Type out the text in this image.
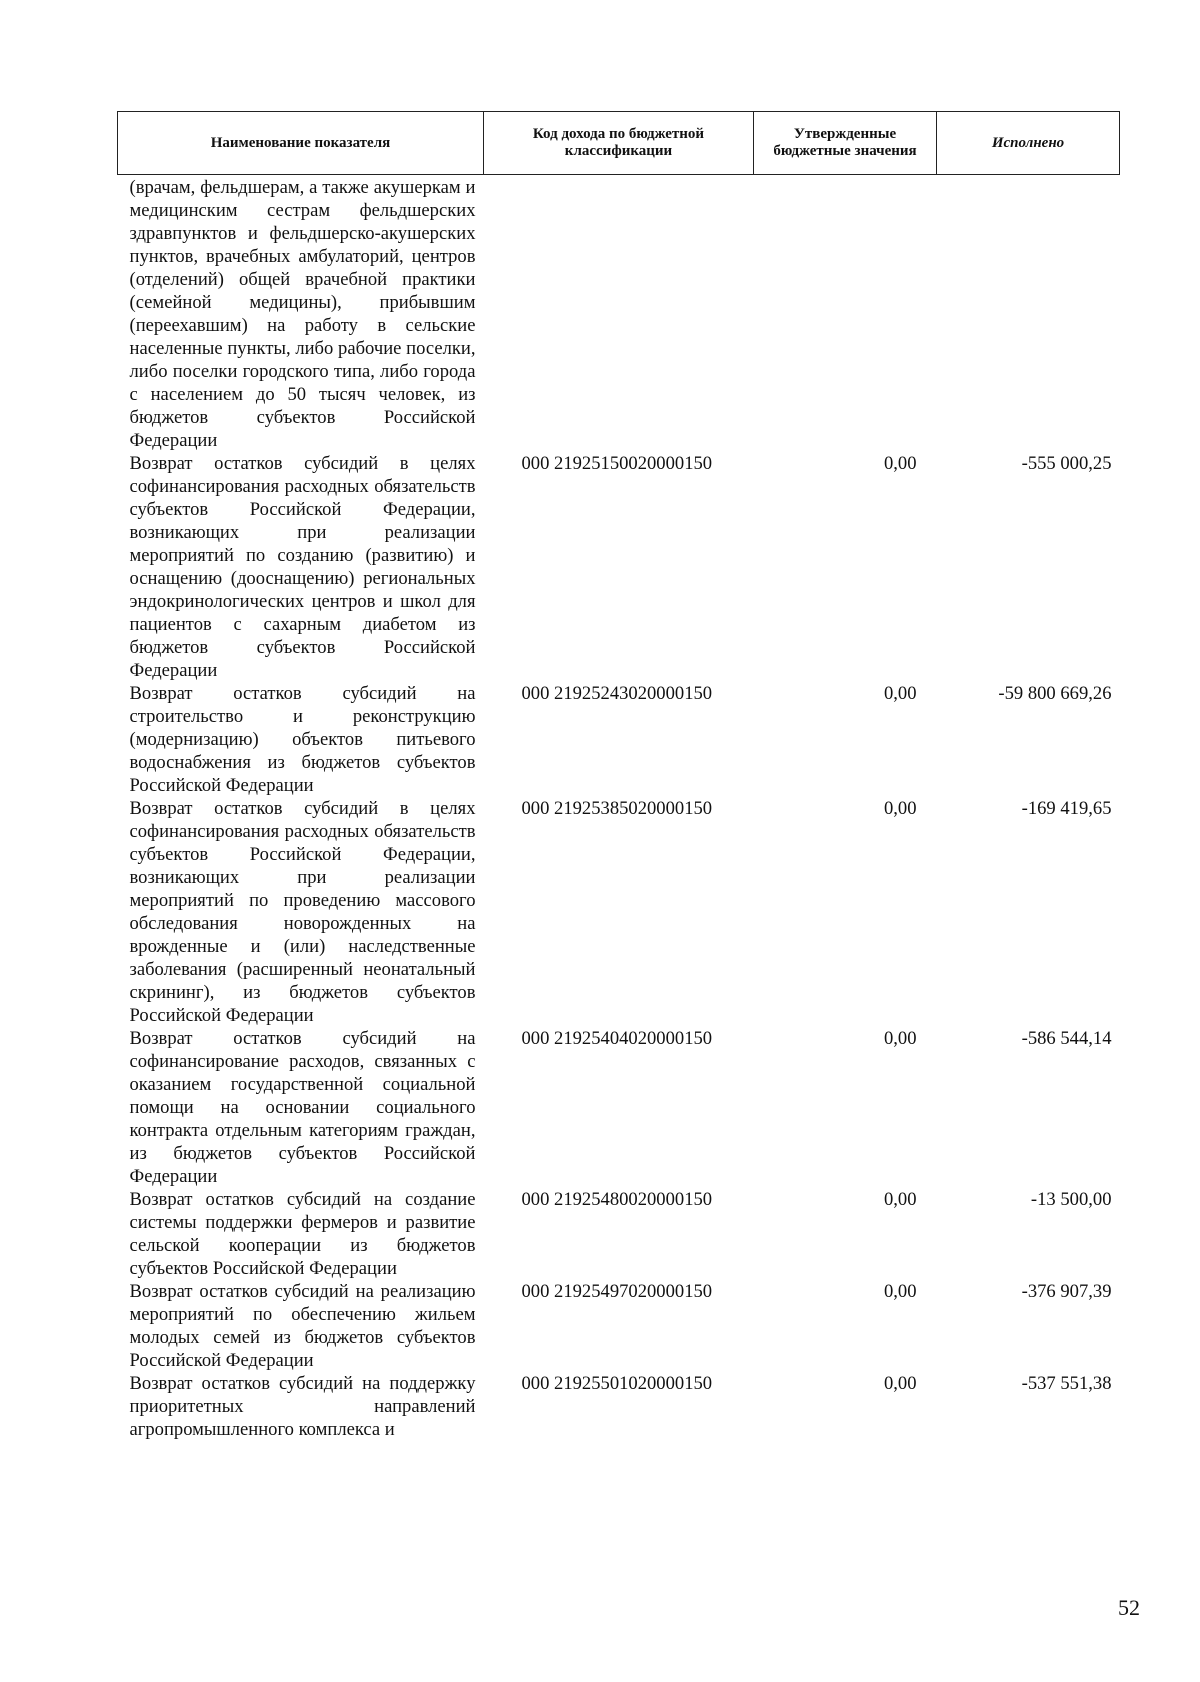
Наименование показателя	Код дохода по бюджетной классификации	Утвержденные бюджетные значения	Исполнено
(врачам, фельдшерам, а также акушеркам и медицинским сестрам фельдшерских здравпунктов и фельдшерско-акушерских пунктов, врачебных амбулаторий, центров (отделений) общей врачебной практики (семейной медицины), прибывшим (переехавшим) на работу в сельские населенные пункты, либо рабочие поселки, либо поселки городского типа, либо города с населением до 50 тысяч человек, из бюджетов субъектов Российской Федерации			
Возврат остатков субсидий в целях софинансирования расходных обязательств субъектов Российской Федерации, возникающих при реализации мероприятий по созданию (развитию) и оснащению (дооснащению) региональных эндокринологических центров и школ для пациентов с сахарным диабетом из бюджетов субъектов Российской Федерации	000 21925150020000150	0,00	-555 000,25
Возврат остатков субсидий на строительство и реконструкцию (модернизацию) объектов питьевого водоснабжения из бюджетов субъектов Российской Федерации	000 21925243020000150	0,00	-59 800 669,26
Возврат остатков субсидий в целях софинансирования расходных обязательств субъектов Российской Федерации, возникающих при реализации мероприятий по проведению массового обследования новорожденных на врожденные и (или) наследственные заболевания (расширенный неонатальный скрининг), из бюджетов субъектов Российской Федерации	000 21925385020000150	0,00	-169 419,65
Возврат остатков субсидий на софинансирование расходов, связанных с оказанием государственной социальной помощи на основании социального контракта отдельным категориям граждан, из бюджетов субъектов Российской Федерации	000 21925404020000150	0,00	-586 544,14
Возврат остатков субсидий на создание системы поддержки фермеров и развитие сельской кооперации из бюджетов субъектов Российской Федерации	000 21925480020000150	0,00	-13 500,00
Возврат остатков субсидий на реализацию мероприятий по обеспечению жильем молодых семей из бюджетов субъектов Российской Федерации	000 21925497020000150	0,00	-376 907,39
Возврат остатков субсидий на поддержку приоритетных направлений агропромышленного комплекса и	000 21925501020000150	0,00	-537 551,38
52
